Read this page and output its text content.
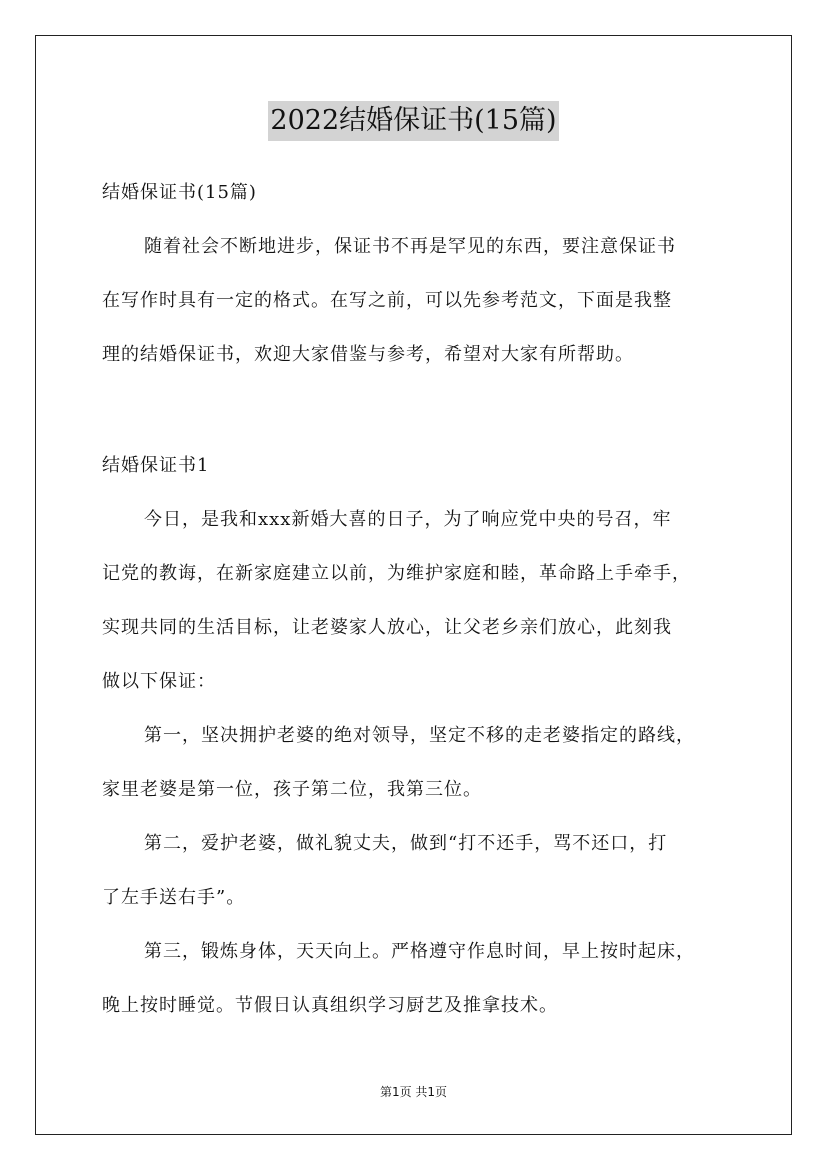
2022结婚保证书(15篇)
结婚保证书(15篇)
随着社会不断地进步，保证书不再是罕见的东西，要注意保证书
在写作时具有一定的格式。在写之前，可以先参考范文，下面是我整
理的结婚保证书，欢迎大家借鉴与参考，希望对大家有所帮助。
结婚保证书1
今日，是我和xxx新婚大喜的日子，为了响应党中央的号召，牢
记党的教诲，在新家庭建立以前，为维护家庭和睦，革命路上手牵手，
实现共同的生活目标，让老婆家人放心，让父老乡亲们放心，此刻我
做以下保证：
第一，坚决拥护老婆的绝对领导，坚定不移的走老婆指定的路线，
家里老婆是第一位，孩子第二位，我第三位。
第二，爱护老婆，做礼貌丈夫，做到“打不还手，骂不还口，打
了左手送右手”。
第三，锻炼身体，天天向上。严格遵守作息时间，早上按时起床，
晚上按时睡觉。节假日认真组织学习厨艺及推拿技术。
第1页 共1页
